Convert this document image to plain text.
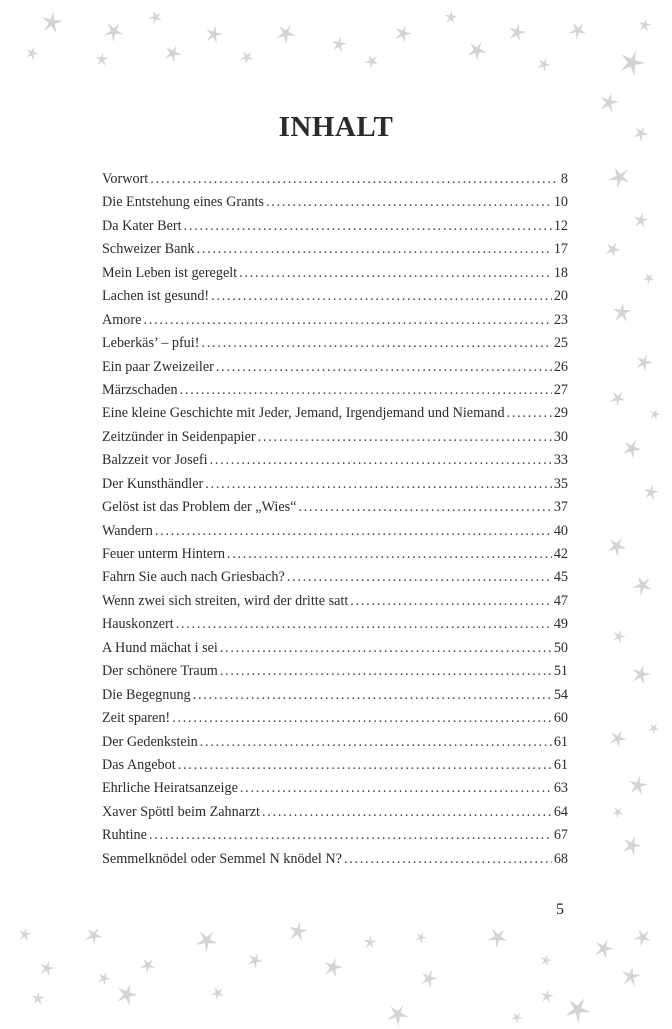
INHALT
Vorwort . . .	8
Die Entstehung eines Grants . . .	10
Da Kater Bert . . .	12
Schweizer Bank . . .	17
Mein Leben ist geregelt . . .	18
Lachen ist gesund! . . .	20
Amore . . .	23
Leberkäs’ – pfui! . . .	25
Ein paar Zweizeiler . . .	26
Märzschaden . . .	27
Eine kleine Geschichte mit Jeder, Jemand, Irgendjemand und Niemand . . .	29
Zeitzünder in Seidenpapier . . .	30
Balzzeit vor Josefi . . .	33
Der Kunsthändler . . .	35
Gelöst ist das Problem der „Wies“ . . .	37
Wandern . . .	40
Feuer unterm Hintern . . .	42
Fahrn Sie auch nach Griesbach? . . .	45
Wenn zwei sich streiten, wird der dritte satt . . .	47
Hauskonzert . . .	49
A Hund mächat i sei . . .	50
Der schönere Traum . . .	51
Die Begegnung . . .	54
Zeit sparen! . . .	60
Der Gedenkstein . . .	61
Das Angebot . . .	61
Ehrliche Heiratsanzeige . . .	63
Xaver Spöttl beim Zahnarzt . . .	64
Ruhtine . . .	67
Semmelknödel oder Semmel N knödel N? . . .	68
5
